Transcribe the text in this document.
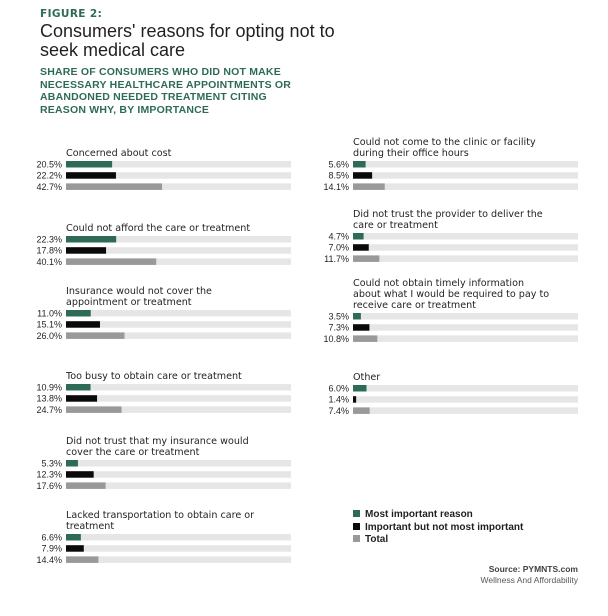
FIGURE 2:
Consumers' reasons for opting not to seek medical care
SHARE OF CONSUMERS WHO DID NOT MAKE NECESSARY HEALTHCARE APPOINTMENTS OR ABANDONED NEEDED TREATMENT CITING REASON WHY, BY IMPORTANCE
Concerned about cost
20.5%
22.2%
42.7%
Could not afford the care or treatment
22.3%
17.8%
40.1%
Insurance would not cover the
appointment or treatment
11.0%
15.1%
26.0%
Too busy to obtain care or treatment
10.9%
13.8%
24.7%
Did not trust that my insurance would
cover the care or treatment
5.3%
12.3%
17.6%
Lacked transportation to obtain care or
treatment
6.6%
7.9%
14.4%
Could not come to the clinic or facility
during their office hours
5.6%
8.5%
14.1%
Did not trust the provider to deliver the
care or treatment
4.7%
7.0%
11.7%
Could not obtain timely information
about what I would be required to pay to
receive care or treatment
3.5%
7.3%
10.8%
Other
6.0%
1.4%
7.4%
Most important reason
Important but not most important
Total
Source: PYMNTS.com
Wellness And Affordability
